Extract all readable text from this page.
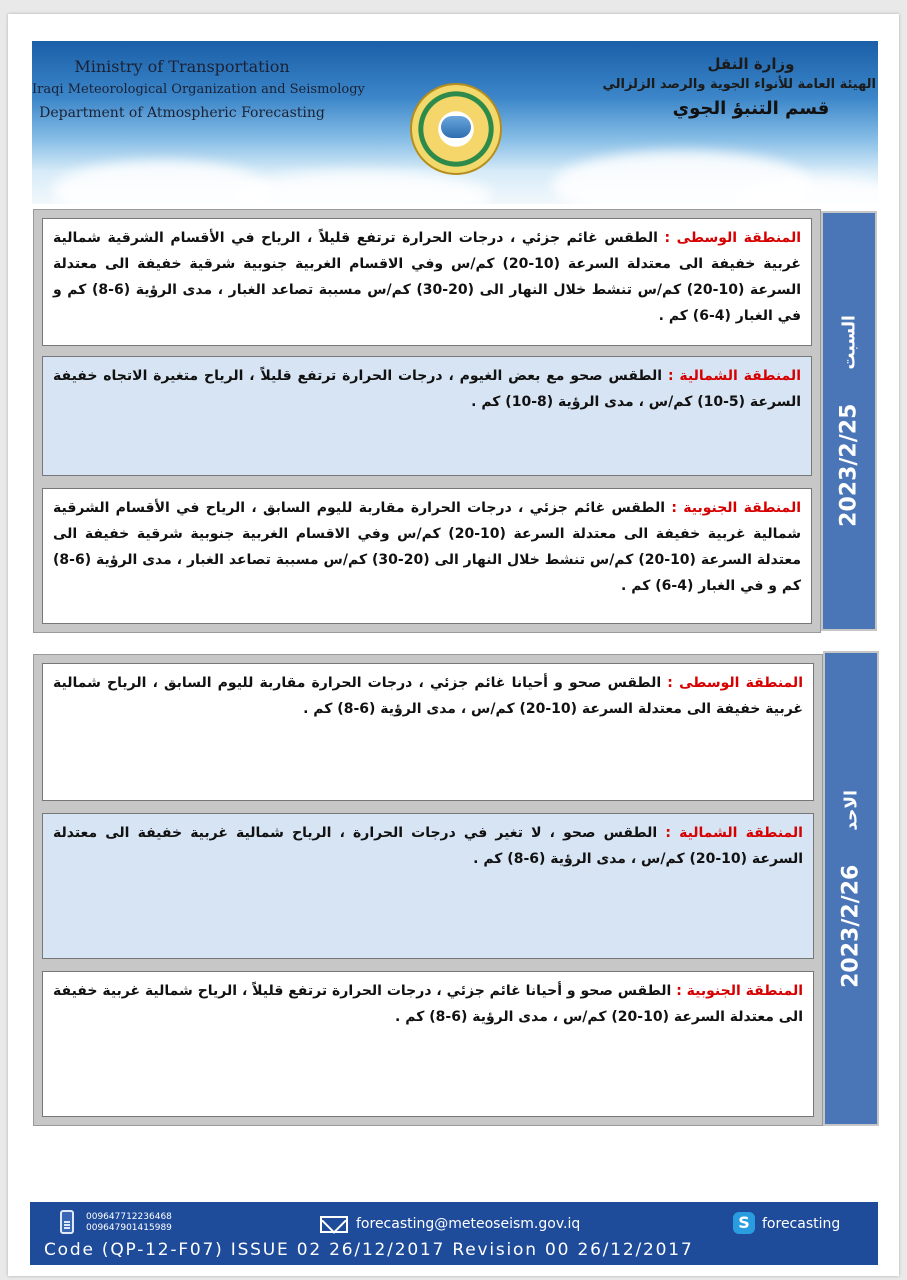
Ministry of Transportation
Iraqi Meteorological Organization and Seismology
Department of Atmospheric Forecasting
وزارة النقل
الهيئة العامة للأنواء الجوية والرصد الزلزالي
قسم التنبؤ الجوي
المنطقة الوسطى : الطقس غائم جزئي ، درجات الحرارة ترتفع قليلاً ، الرياح في الأقسام الشرقية شمالية غربية خفيفة الى معتدلة السرعة (10-20) كم/س وفي الاقسام الغربية جنوبية شرقية خفيفة الى معتدلة السرعة (10-20) كم/س تنشط خلال النهار الى (20-30) كم/س مسببة تصاعد الغبار ، مدى الرؤية (6-8) كم و في الغبار (4-6) كم .
المنطقة الشمالية : الطقس صحو مع بعض الغيوم ، درجات الحرارة ترتفع قليلاً ، الرياح متغيرة الاتجاه خفيفة السرعة (5-10) كم/س ، مدى الرؤية (8-10) كم .
المنطقة الجنوبية : الطقس غائم جزئي ، درجات الحرارة مقاربة لليوم السابق ، الرياح في الأقسام الشرقية شمالية غربية خفيفة الى معتدلة السرعة (10-20) كم/س وفي الاقسام الغربية جنوبية شرقية خفيفة الى معتدلة السرعة (10-20) كم/س تنشط خلال النهار الى (20-30) كم/س مسببة تصاعد الغبار ، مدى الرؤية (6-8) كم و في الغبار (4-6) كم .
2023/2/25
السبت
المنطقة الوسطى : الطقس صحو و أحيانا غائم جزئي ، درجات الحرارة مقاربة لليوم السابق ، الرياح شمالية غربية خفيفة الى معتدلة السرعة (10-20) كم/س ، مدى الرؤية (6-8) كم .
المنطقة الشمالية : الطقس صحو ، لا تغير في درجات الحرارة ، الرياح شمالية غربية خفيفة الى معتدلة السرعة (10-20) كم/س ، مدى الرؤية (6-8) كم .
المنطقة الجنوبية : الطقس صحو و أحيانا غائم جزئي ، درجات الحرارة ترتفع قليلاً ، الرياح شمالية غربية خفيفة الى معتدلة السرعة (10-20) كم/س ، مدى الرؤية (6-8) كم .
2023/2/26
الاحد
009647712236468
009647901415989	forecasting@meteoseism.gov.iq	S forecasting
Code (QP-12-F07) ISSUE 02 26/12/2017 Revision 00 26/12/2017
